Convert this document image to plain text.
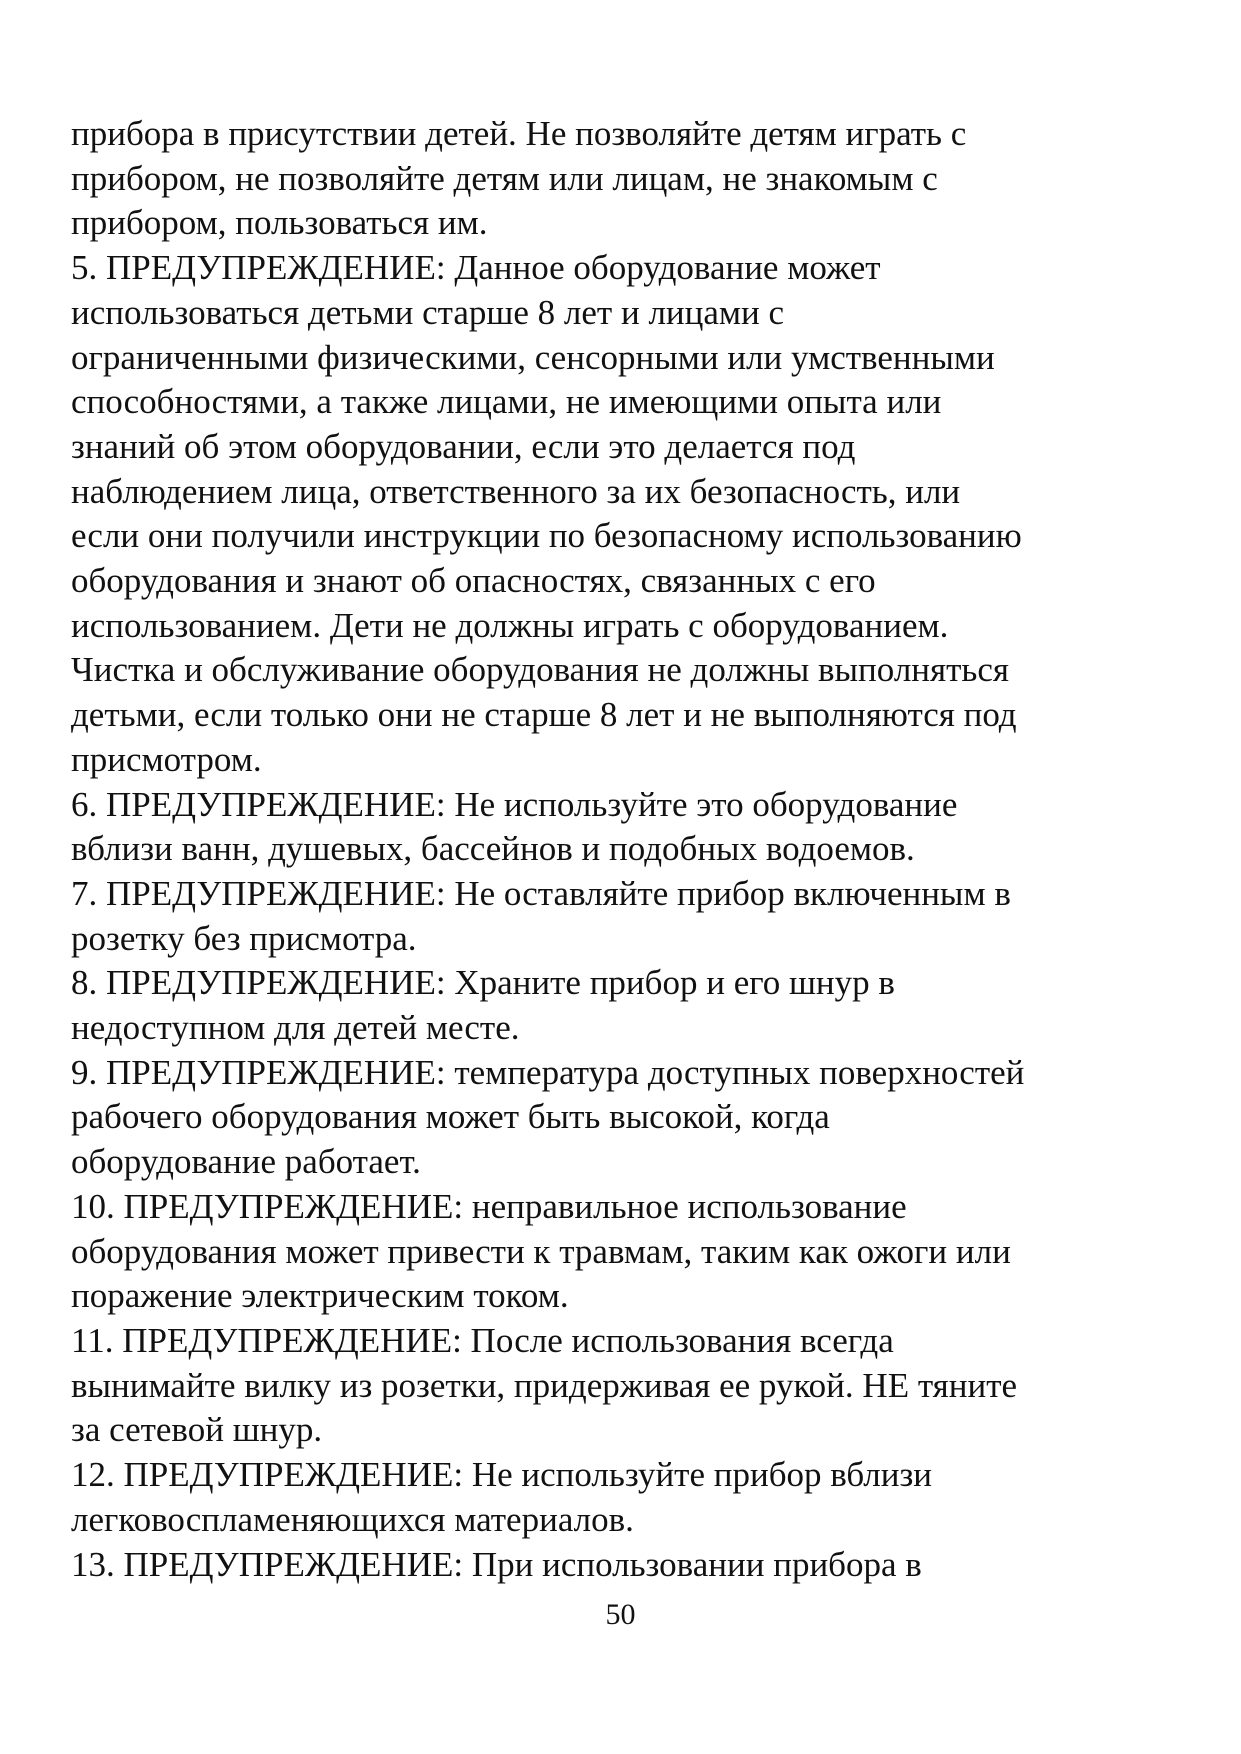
прибора в присутствии детей. Не позволяйте детям играть с
прибором, не позволяйте детям или лицам, не знакомым с
прибором, пользоваться им.
5. ПРЕДУПРЕЖДЕНИЕ: Данное оборудование может
использоваться детьми старше 8 лет и лицами с
ограниченными физическими, сенсорными или умственными
способностями, а также лицами, не имеющими опыта или
знаний об этом оборудовании, если это делается под
наблюдением лица, ответственного за их безопасность, или
если они получили инструкции по безопасному использованию
оборудования и знают об опасностях, связанных с его
использованием. Дети не должны играть с оборудованием.
Чистка и обслуживание оборудования не должны выполняться
детьми, если только они не старше 8 лет и не выполняются под
присмотром.
6. ПРЕДУПРЕЖДЕНИЕ: Не используйте это оборудование
вблизи ванн, душевых, бассейнов и подобных водоемов.
7. ПРЕДУПРЕЖДЕНИЕ: Не оставляйте прибор включенным в
розетку без присмотра.
8. ПРЕДУПРЕЖДЕНИЕ: Храните прибор и его шнур в
недоступном для детей месте.
9. ПРЕДУПРЕЖДЕНИЕ: температура доступных поверхностей
рабочего оборудования может быть высокой, когда
оборудование работает.
10. ПРЕДУПРЕЖДЕНИЕ: неправильное использование
оборудования может привести к травмам, таким как ожоги или
поражение электрическим током.
11. ПРЕДУПРЕЖДЕНИЕ: После использования всегда
вынимайте вилку из розетки, придерживая ее рукой. НЕ тяните
за сетевой шнур.
12. ПРЕДУПРЕЖДЕНИЕ: Не используйте прибор вблизи
легковоспламеняющихся материалов.
13. ПРЕДУПРЕЖДЕНИЕ: При использовании прибора в
50
